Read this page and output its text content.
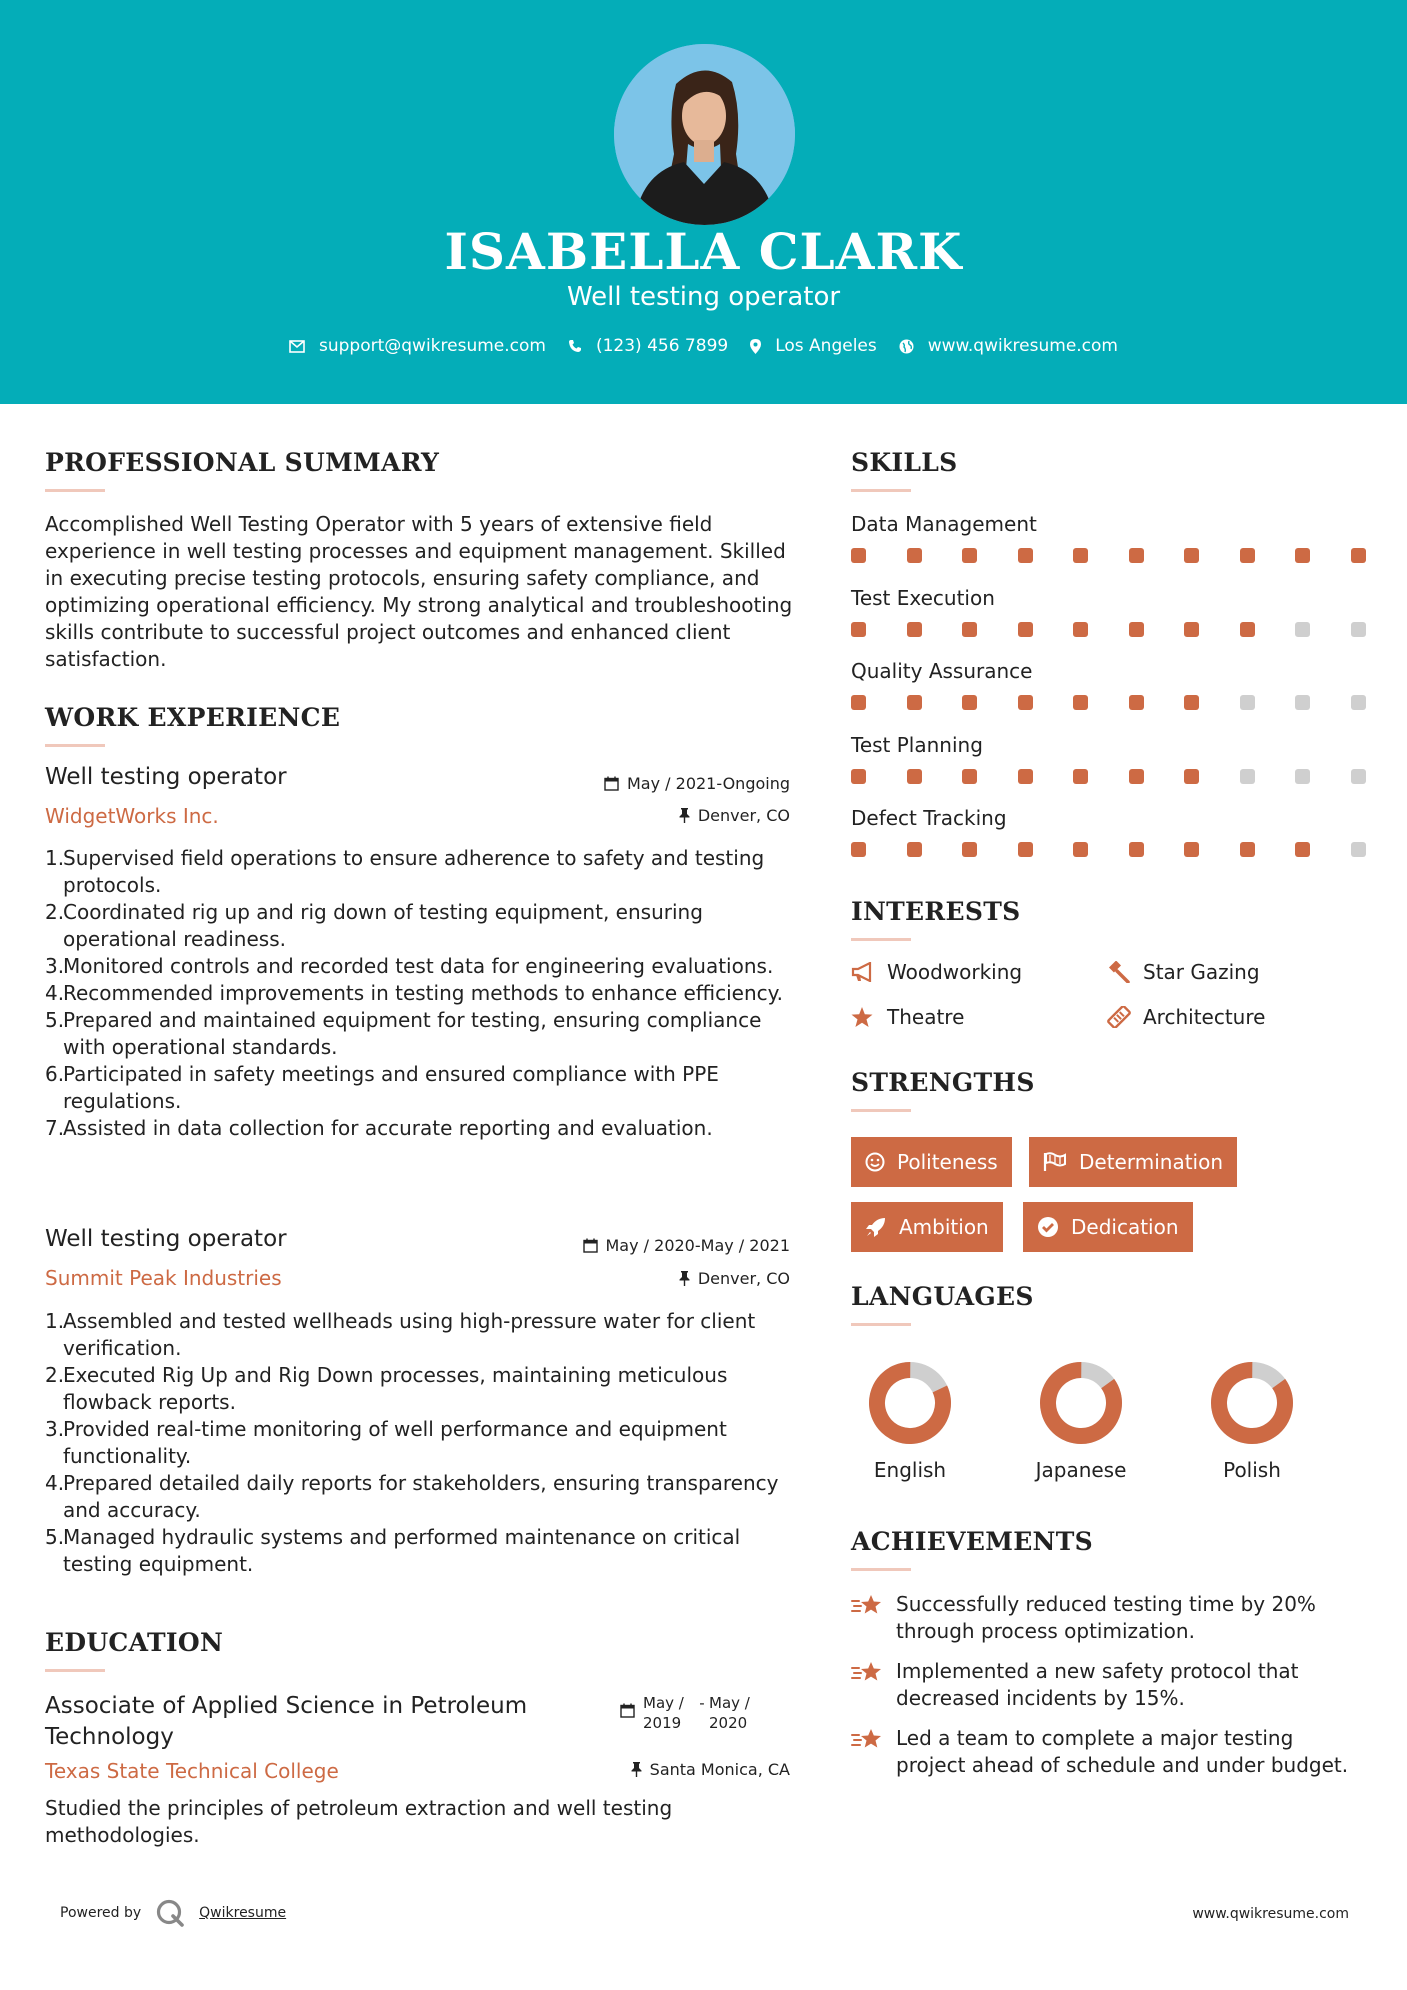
ISABELLA CLARK
Well testing operator
support@qwikresume.com	(123) 456 7899	Los Angeles	www.qwikresume.com
PROFESSIONAL SUMMARY
Accomplished Well Testing Operator with 5 years of extensive field experience in well testing processes and equipment management. Skilled in executing precise testing protocols, ensuring safety compliance, and optimizing operational efficiency. My strong analytical and troubleshooting skills contribute to successful project outcomes and enhanced client satisfaction.
WORK EXPERIENCE
Well testing operator	May / 2021-Ongoing
WidgetWorks Inc.	Denver, CO
Supervised field operations to ensure adherence to safety and testing protocols.
Coordinated rig up and rig down of testing equipment, ensuring operational readiness.
Monitored controls and recorded test data for engineering evaluations.
Recommended improvements in testing methods to enhance efficiency.
Prepared and maintained equipment for testing, ensuring compliance with operational standards.
Participated in safety meetings and ensured compliance with PPE regulations.
Assisted in data collection for accurate reporting and evaluation.
Well testing operator	May / 2020-May / 2021
Summit Peak Industries	Denver, CO
Assembled and tested wellheads using high-pressure water for client verification.
Executed Rig Up and Rig Down processes, maintaining meticulous flowback reports.
Provided real-time monitoring of well performance and equipment functionality.
Prepared detailed daily reports for stakeholders, ensuring transparency and accuracy.
Managed hydraulic systems and performed maintenance on critical testing equipment.
EDUCATION
Associate of Applied Science in Petroleum Technology
May / 2019
- May / 2020
Texas State Technical College	Santa Monica, CA
Studied the principles of petroleum extraction and well testing methodologies.
SKILLS
Data Management
Test Execution
Quality Assurance
Test Planning
Defect Tracking
INTERESTS
Woodworking	Star Gazing
Theatre	Architecture
STRENGTHS
Politeness	Determination
Ambition	Dedication
LANGUAGES
English	Japanese	Polish
ACHIEVEMENTS
Successfully reduced testing time by 20% through process optimization.
Implemented a new safety protocol that decreased incidents by 15%.
Led a team to complete a major testing project ahead of schedule and under budget.
Powered by	Qwikresume	www.qwikresume.com
